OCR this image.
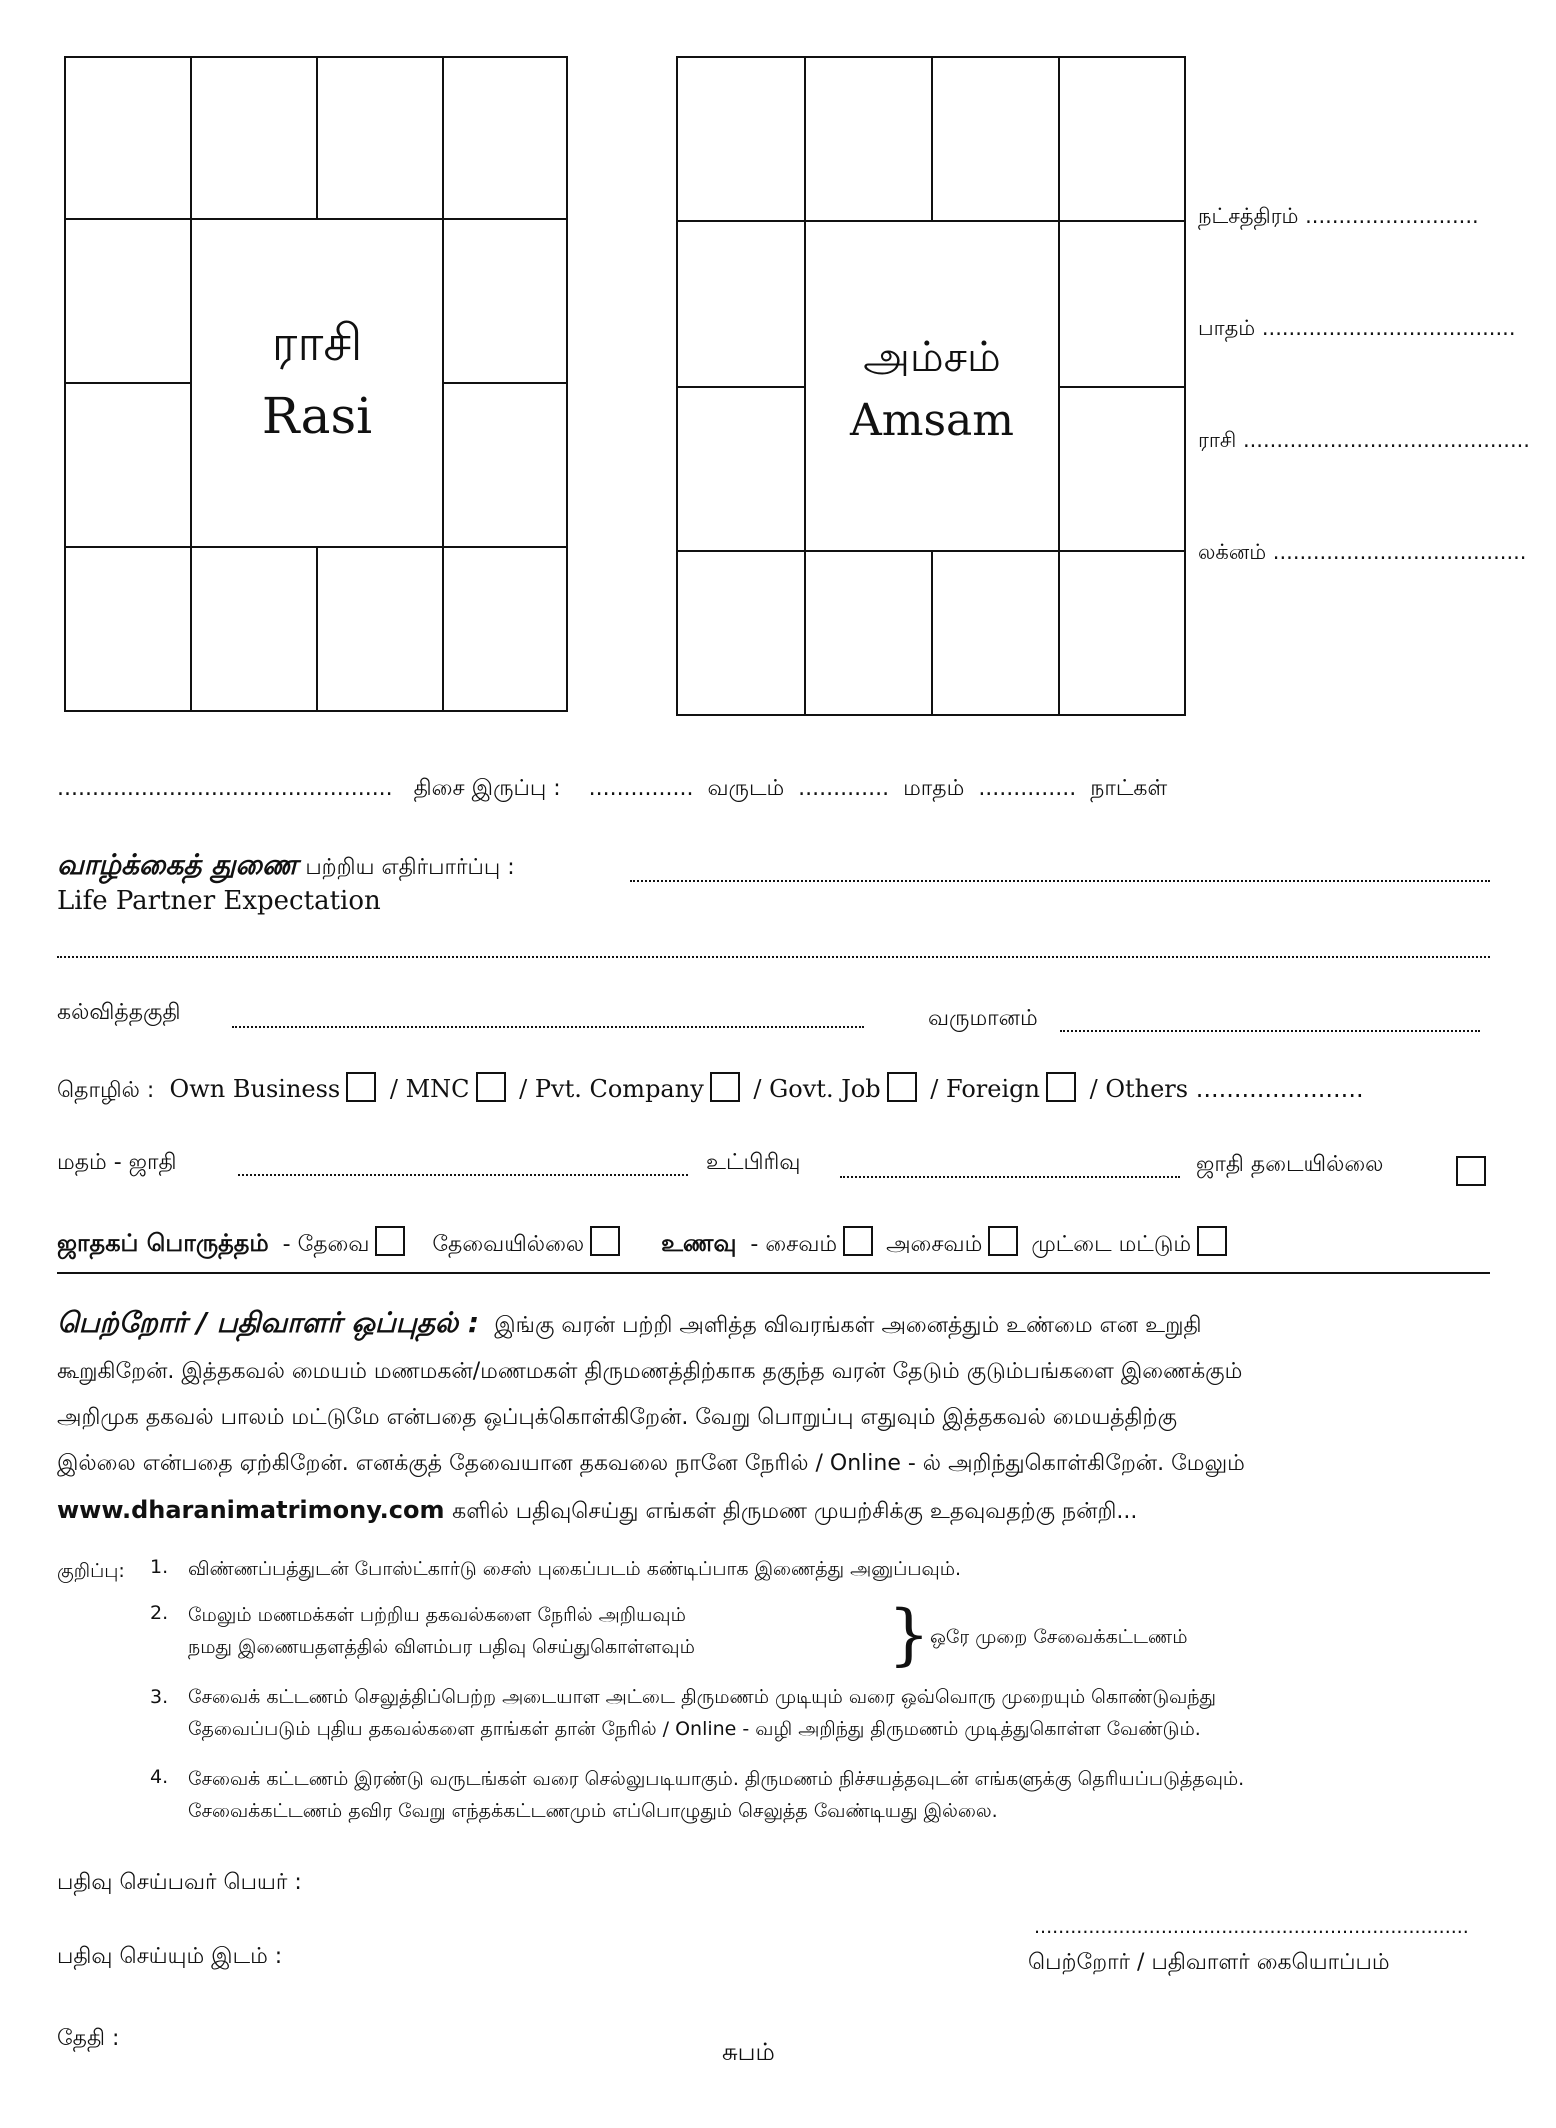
ராசி
Rasi
அம்சம்
Amsam
நட்சத்திரம் ..........................
பாதம் ......................................
ராசி ...........................................
லக்னம் ......................................
................................................ திசை இருப்பு : ............... வருடம் ............. மாதம் .............. நாட்கள்
வாழ்க்கைத் துணை பற்றிய எதிர்பார்ப்பு :
Life Partner Expectation
கல்வித்தகுதி	வருமானம்
தொழில் : Own Business / MNC / Pvt. Company / Govt. Job / Foreign / Others ......................
மதம் - ஜாதி	உட்பிரிவு	ஜாதி தடையில்லை
ஜாதகப் பொருத்தம் - தேவை	தேவையில்லை	உணவு - சைவம் அசைவம் முட்டை மட்டும்
பெற்றோர் / பதிவாளர் ஒப்புதல் : இங்கு வரன் பற்றி அளித்த விவரங்கள் அனைத்தும் உண்மை என உறுதி
கூறுகிறேன். இத்தகவல் மையம் மணமகன்/மணமகள் திருமணத்திற்காக தகுந்த வரன் தேடும் குடும்பங்களை இணைக்கும்
அறிமுக தகவல் பாலம் மட்டுமே என்பதை ஒப்புக்கொள்கிறேன். வேறு பொறுப்பு எதுவும் இத்தகவல் மையத்திற்கு
இல்லை என்பதை ஏற்கிறேன். எனக்குத் தேவையான தகவலை நானே நேரில் / Online - ல் அறிந்துகொள்கிறேன். மேலும்
www.dharanimatrimony.com களில் பதிவுசெய்து எங்கள் திருமண முயற்சிக்கு உதவுவதற்கு நன்றி...
குறிப்பு: 1. விண்ணப்பத்துடன் போஸ்ட்கார்டு சைஸ் புகைப்படம் கண்டிப்பாக இணைத்து அனுப்பவும்.
2. மேலும் மணமக்கள் பற்றிய தகவல்களை நேரில் அறியவும்
நமது இணையதளத்தில் விளம்பர பதிவு செய்துகொள்ளவும்	} ஒரே முறை சேவைக்கட்டணம்
3. சேவைக் கட்டணம் செலுத்திப்பெற்ற அடையாள அட்டை திருமணம் முடியும் வரை ஒவ்வொரு முறையும் கொண்டுவந்து
தேவைப்படும் புதிய தகவல்களை தாங்கள் தான் நேரில் / Online - வழி அறிந்து திருமணம் முடித்துகொள்ள வேண்டும்.
4. சேவைக் கட்டணம் இரண்டு வருடங்கள் வரை செல்லுபடியாகும். திருமணம் நிச்சயத்தவுடன் எங்களுக்கு தெரியப்படுத்தவும்.
சேவைக்கட்டணம் தவிர வேறு எந்தக்கட்டணமும் எப்பொழுதும் செலுத்த வேண்டியது இல்லை.
பதிவு செய்பவர் பெயர் :
பதிவு செய்யும் இடம் :
தேதி :
........................................................................
பெற்றோர் / பதிவாளர் கையொப்பம்
சுபம்
